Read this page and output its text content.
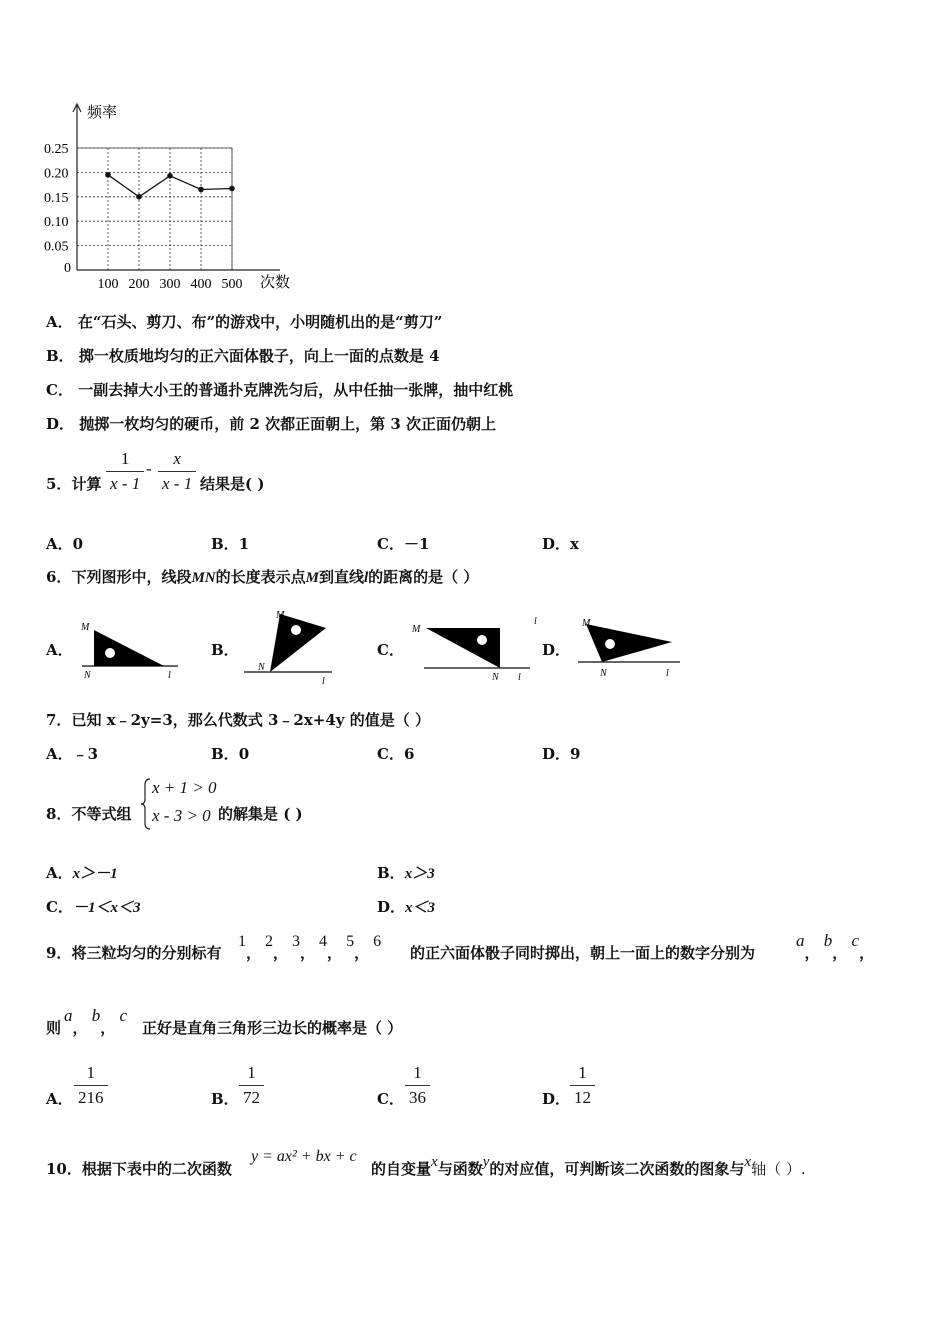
0
0.05
0.10
0.15
0.20
0.25
100 200 300 400 500
频率
次数
A． 在“石头、剪刀、布”的游戏中，小明随机出的是“剪刀”
B． 掷一枚质地均匀的正六面体骰子，向上一面的点数是 4
C． 一副去掉大小王的普通扑克牌洗匀后，从中任抽一张牌，抽中红桃
D． 抛掷一枚均匀的硬币，前 2 次都正面朝上，第 3 次正面仍朝上
5．计算
1
x - 1
-
x
x - 1 结果是( )
A．0	B．1	C．－1	D．x
6．下列图形中，线段MN的长度表示点M到直线l的距离的是（ ）
A．
M
N	l
B．
M
N
l
C．
M
N l
l
D．
M
N	l
7．已知 x﹣2y=3，那么代数式 3﹣2x+4y 的值是（ ）
A．﹣3	B．0	C．6	D．9
8．不等式组
x + 1 > 0
x - 3 > 0 的解集是 ( )
A．x＞－1	B．x＞3
C．－1＜x＜3	D．x＜3
9．将三粒均匀的分别标有
1， 2， 3， 4， 5， 6
的正六面体骰子同时掷出，朝上一面上的数字分别为
a， b， c，
则
a， b， c
正好是直角三角形三边长的概率是（ ）
A．
1
216	B．
1
72	C．
1
36	D．
1
12
10．根据下表中的二次函数
y = ax² + bx + c
的自变量x与函数y的对应值，可判断该二次函数的图象与x轴（ ）.
